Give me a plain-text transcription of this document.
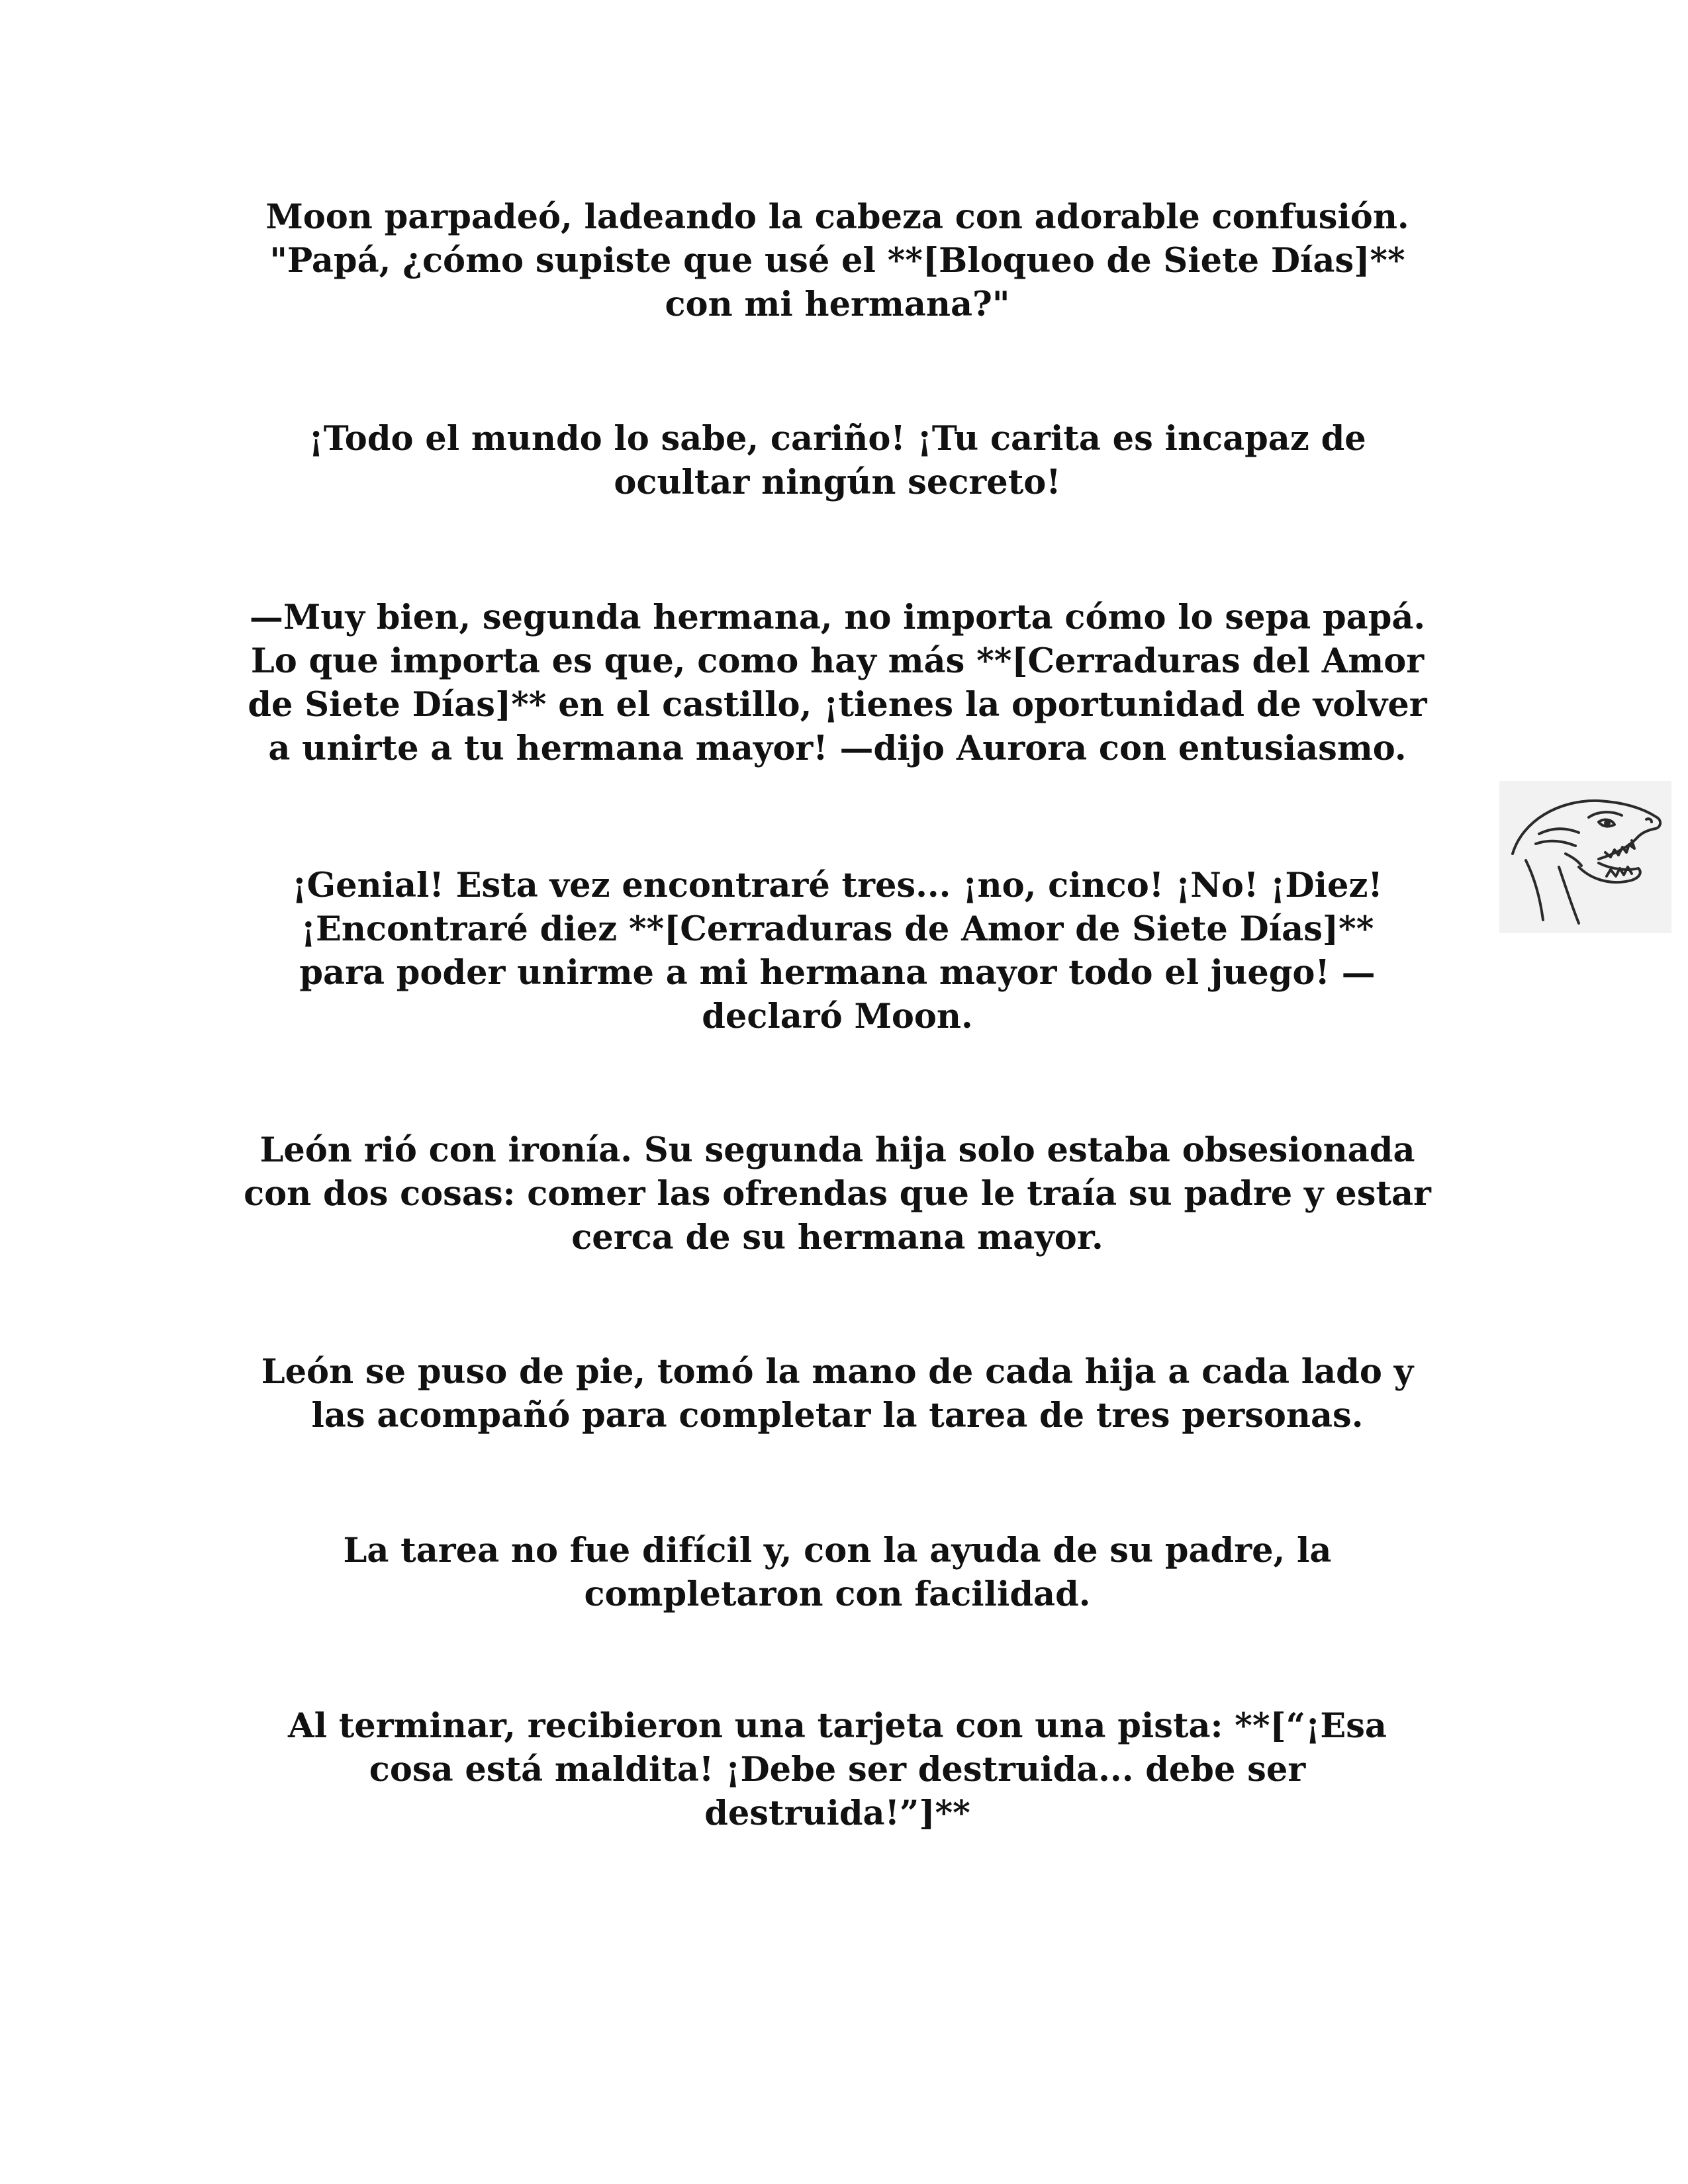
Moon parpadeó, ladeando la cabeza con adorable confusión.
"Papá, ¿cómo supiste que usé el **[Bloqueo de Siete Días]**
con mi hermana?"

¡Todo el mundo lo sabe, cariño! ¡Tu carita es incapaz de
ocultar ningún secreto!

—Muy bien, segunda hermana, no importa cómo lo sepa papá.
Lo que importa es que, como hay más **[Cerraduras del Amor
de Siete Días]** en el castillo, ¡tienes la oportunidad de volver
a unirte a tu hermana mayor! —dijo Aurora con entusiasmo.

¡Genial! Esta vez encontraré tres... ¡no, cinco! ¡No! ¡Diez!
¡Encontraré diez **[Cerraduras de Amor de Siete Días]**
para poder unirme a mi hermana mayor todo el juego! —
declaró Moon.

León rió con ironía. Su segunda hija solo estaba obsesionada
con dos cosas: comer las ofrendas que le traía su padre y estar
cerca de su hermana mayor.

León se puso de pie, tomó la mano de cada hija a cada lado y
las acompañó para completar la tarea de tres personas.

La tarea no fue difícil y, con la ayuda de su padre, la
completaron con facilidad.

Al terminar, recibieron una tarjeta con una pista: **[“¡Esa
cosa está maldita! ¡Debe ser destruida... debe ser
destruida!”]**
